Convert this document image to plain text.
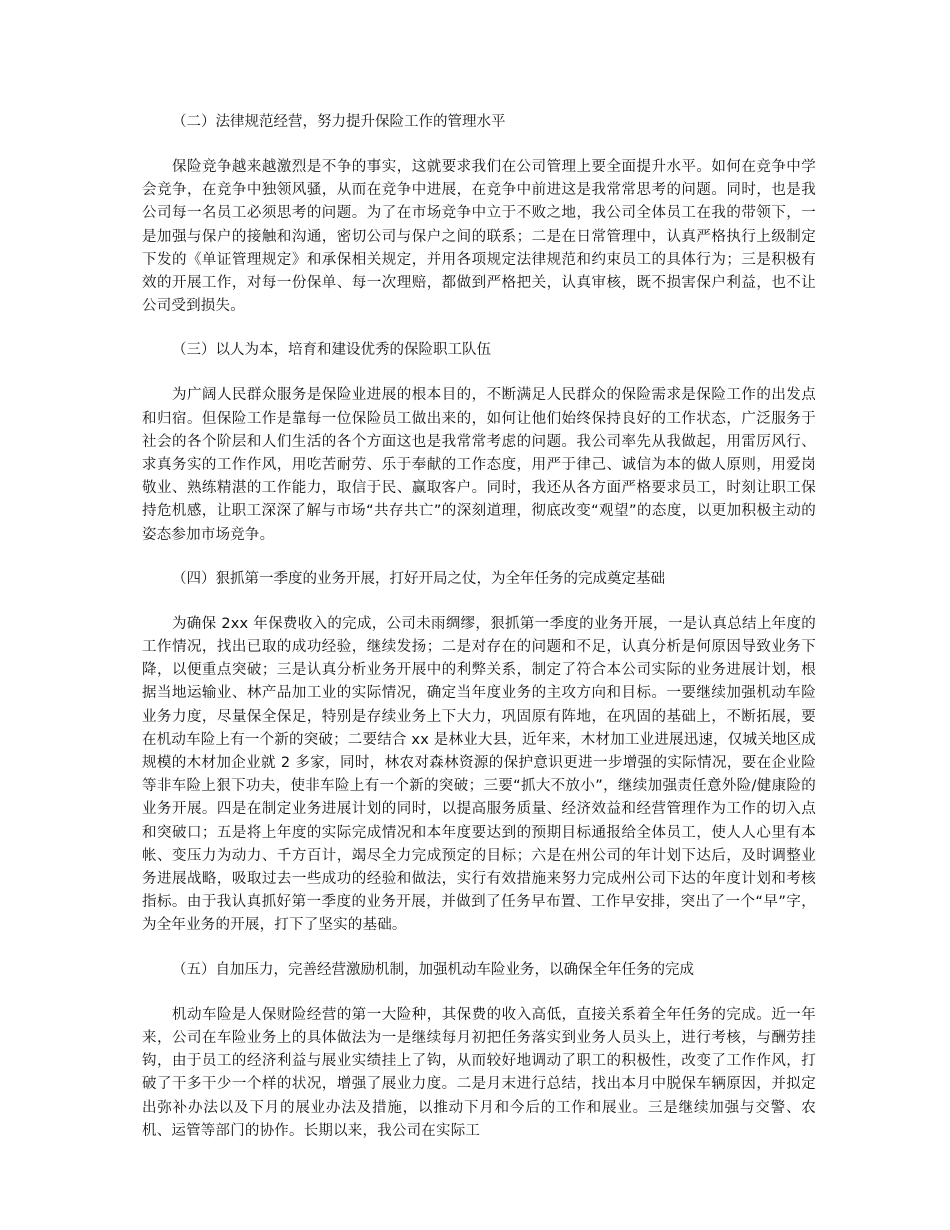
（二）法律规范经营，努力提升保险工作的管理水平
保险竞争越来越激烈是不争的事实，这就要求我们在公司管理上要全面提升水平。如何在竞争中学会竞争，在竞争中独领风骚，从而在竞争中进展，在竞争中前进这是我常常思考的问题。同时，也是我公司每一名员工必须思考的问题。为了在市场竞争中立于不败之地，我公司全体员工在我的带领下，一是加强与保户的接触和沟通，密切公司与保户之间的联系；二是在日常管理中，认真严格执行上级制定下发的《单证管理规定》和承保相关规定，并用各项规定法律规范和约束员工的具体行为；三是积极有效的开展工作，对每一份保单、每一次理赔，都做到严格把关，认真审核，既不损害保户利益，也不让公司受到损失。
（三）以人为本，培育和建设优秀的保险职工队伍
为广阔人民群众服务是保险业进展的根本目的，不断满足人民群众的保险需求是保险工作的出发点和归宿。但保险工作是靠每一位保险员工做出来的，如何让他们始终保持良好的工作状态，广泛服务于社会的各个阶层和人们生活的各个方面这也是我常常考虑的问题。我公司率先从我做起，用雷厉风行、求真务实的工作作风，用吃苦耐劳、乐于奉献的工作态度，用严于律己、诚信为本的做人原则，用爱岗敬业、熟练精湛的工作能力，取信于民、赢取客户。同时，我还从各方面严格要求员工，时刻让职工保持危机感，让职工深深了解与市场“共存共亡”的深刻道理，彻底改变“观望”的态度，以更加积极主动的姿态参加市场竞争。
（四）狠抓第一季度的业务开展，打好开局之仗，为全年任务的完成奠定基础
为确保 2xx 年保费收入的完成，公司未雨绸缪，狠抓第一季度的业务开展，一是认真总结上年度的工作情况，找出已取的成功经验，继续发扬；二是对存在的问题和不足，认真分析是何原因导致业务下降，以便重点突破；三是认真分析业务开展中的利弊关系，制定了符合本公司实际的业务进展计划，根据当地运输业、林产品加工业的实际情况，确定当年度业务的主攻方向和目标。一要继续加强机动车险业务力度，尽量保全保足，特别是存续业务上下大力，巩固原有阵地，在巩固的基础上，不断拓展，要在机动车险上有一个新的突破；二要结合 xx 是林业大县，近年来，木材加工业进展迅速，仅城关地区成规模的木材加企业就 2 多家，同时，林农对森林资源的保护意识更进一步增强的实际情况，要在企业险等非车险上狠下功夫，使非车险上有一个新的突破；三要“抓大不放小”，继续加强责任意外险/健康险的业务开展。四是在制定业务进展计划的同时，以提高服务质量、经济效益和经营管理作为工作的切入点和突破口；五是将上年度的实际完成情况和本年度要达到的预期目标通报给全体员工，使人人心里有本帐、变压力为动力、千方百计，竭尽全力完成预定的目标；六是在州公司的年计划下达后，及时调整业务进展战略，吸取过去一些成功的经验和做法，实行有效措施来努力完成州公司下达的年度计划和考核指标。由于我认真抓好第一季度的业务开展，并做到了任务早布置、工作早安排，突出了一个“早”字，为全年业务的开展，打下了坚实的基础。
（五）自加压力，完善经营激励机制，加强机动车险业务，以确保全年任务的完成
机动车险是人保财险经营的第一大险种，其保费的收入高低，直接关系着全年任务的完成。近一年来，公司在车险业务上的具体做法为一是继续每月初把任务落实到业务人员头上，进行考核，与酬劳挂钩，由于员工的经济利益与展业实绩挂上了钩，从而较好地调动了职工的积极性，改变了工作作风，打破了干多干少一个样的状况，增强了展业力度。二是月末进行总结，找出本月中脱保车辆原因，并拟定出弥补办法以及下月的展业办法及措施，以推动下月和今后的工作和展业。三是继续加强与交警、农机、运管等部门的协作。长期以来，我公司在实际工
